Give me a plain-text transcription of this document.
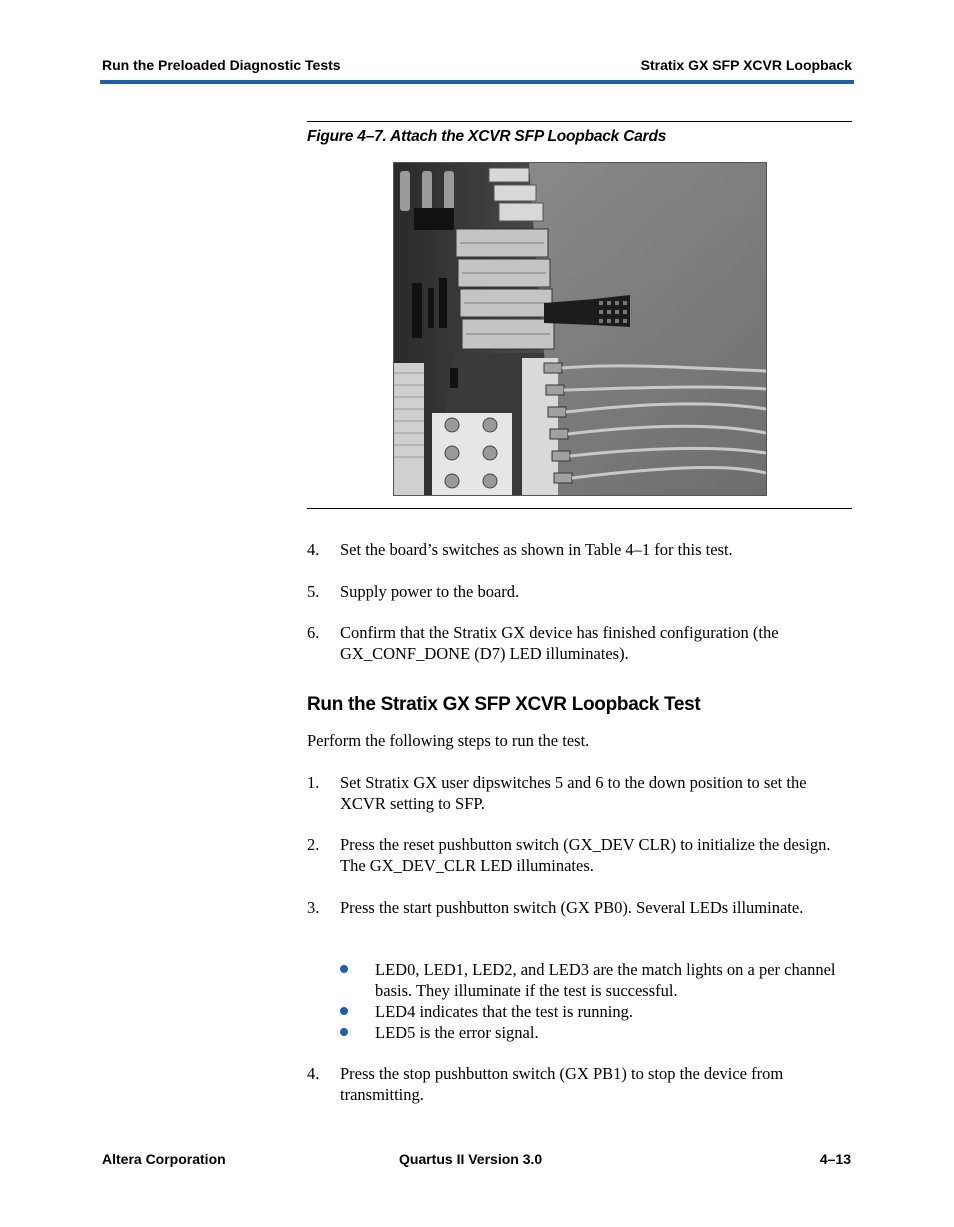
Run the Preloaded Diagnostic Tests	Stratix GX SFP XCVR Loopback
Figure 4–7. Attach the XCVR SFP Loopback Cards
4. Set the board’s switches as shown in Table 4–1 for this test.
5. Supply power to the board.
6. Confirm that the Stratix GX device has finished configuration (the GX_CONF_DONE (D7) LED illuminates).
Run the Stratix GX SFP XCVR Loopback Test
Perform the following steps to run the test.
1. Set Stratix GX user dipswitches 5 and 6 to the down position to set the XCVR setting to SFP.
2. Press the reset pushbutton switch (GX_DEV CLR) to initialize the design. The GX_DEV_CLR LED illuminates.
3. Press the start pushbutton switch (GX PB0). Several LEDs illuminate.
LED0, LED1, LED2, and LED3 are the match lights on a per channel basis. They illuminate if the test is successful.
LED4 indicates that the test is running.
LED5 is the error signal.
4. Press the stop pushbutton switch (GX PB1) to stop the device from transmitting.
Altera Corporation	Quartus II Version 3.0	4–13
